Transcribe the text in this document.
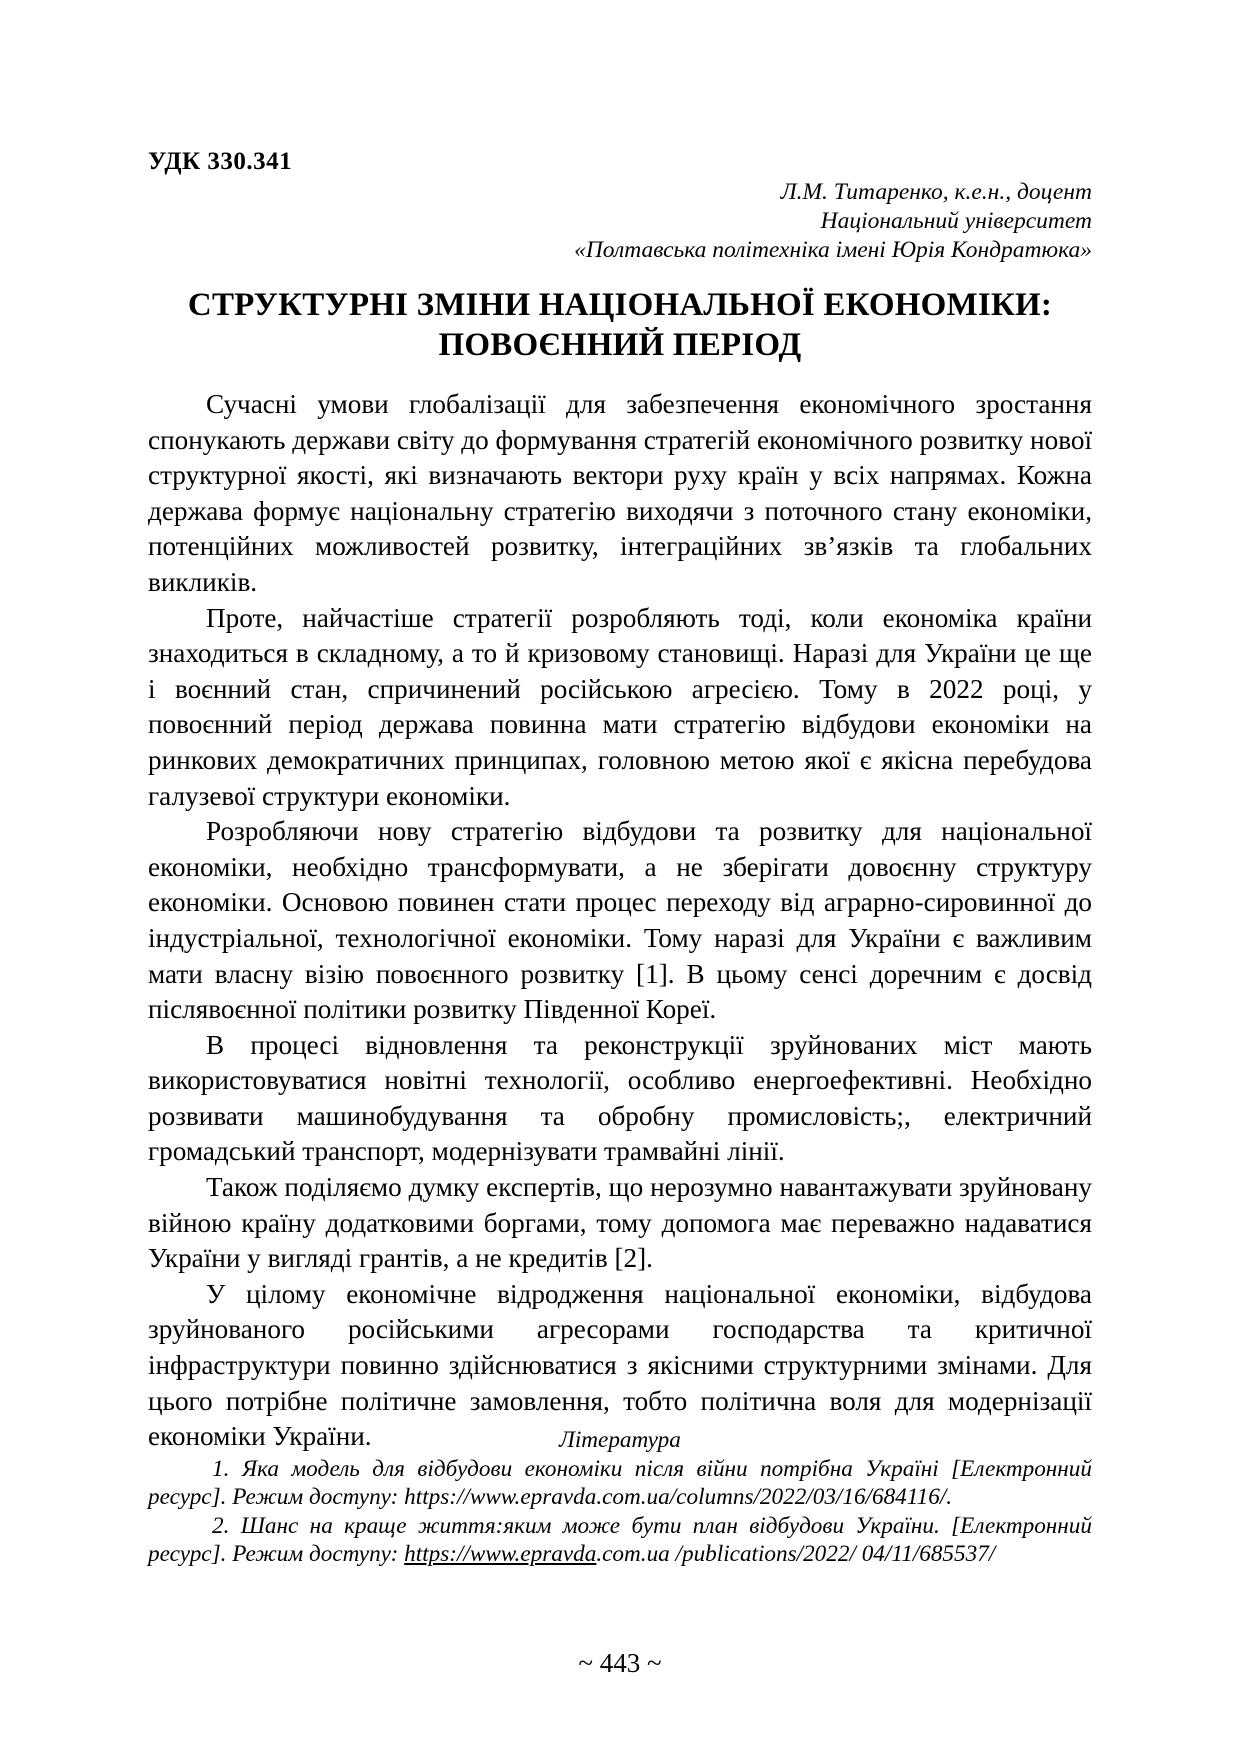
УДК 330.341
Л.М. Титаренко, к.е.н., доцент
Національний університет
«Полтавська політехніка імені Юрія Кондратюка»
СТРУКТУРНІ ЗМІНИ НАЦІОНАЛЬНОЇ ЕКОНОМІКИ:
ПОВОЄННИЙ ПЕРІОД

Сучасні умови глобалізації для забезпечення економічного зростання спонукають держави світу до формування стратегій економічного розвитку нової структурної якості, які визначають вектори руху країн у всіх напрямах. Кожна держава формує національну стратегію виходячи з поточного стану економіки, потенційних можливостей розвитку, інтеграційних зв’язків та глобальних викликів.

Проте, найчастіше стратегії розробляють тоді, коли економіка країни знаходиться в складному, а то й кризовому становищі. Наразі для України це ще і воєнний стан, спричинений російською агресією. Тому в 2022 році, у повоєнний період держава повинна мати стратегію відбудови економіки на ринкових демократичних принципах, головною метою якої є якісна перебудова галузевої структури економіки.

Розробляючи нову стратегію відбудови та розвитку для національної економіки, необхідно трансформувати, а не зберігати довоєнну структуру економіки. Основою повинен стати процес переходу від аграрно-сировинної до індустріальної, технологічної економіки. Тому наразі для України є важливим мати власну візію повоєнного розвитку [1]. В цьому сенсі доречним є досвід післявоєнної політики розвитку Південної Кореї.

В процесі відновлення та реконструкції зруйнованих міст мають використовуватися новітні технології, особливо енергоефективні. Необхідно розвивати машинобудування та обробну промисловість;, електричний громадський транспорт, модернізувати трамвайні лінії.

Також поділяємо думку експертів, що нерозумно навантажувати зруйновану війною країну додатковими боргами, тому допомога має переважно надаватися України у вигляді грантів, а не кредитів [2].

У цілому економічне відродження національної економіки, відбудова зруйнованого російськими агресорами господарства та критичної інфраструктури повинно здійснюватися з якісними структурними змінами. Для цього потрібне політичне замовлення, тобто політична воля для модернізації економіки України.	Література

1. Яка модель для відбудови економіки після війни потрібна Україні [Електронний ресурс]. Режим доступу: https://www.epravda.com.ua/columns/2022/03/16/684116/.

2. Шанс на краще життя:яким може бути план відбудови України. [Електронний ресурс]. Режим доступу: https://www.epravda.com.ua /publications/2022/ 04/11/685537/

~ 443 ~
